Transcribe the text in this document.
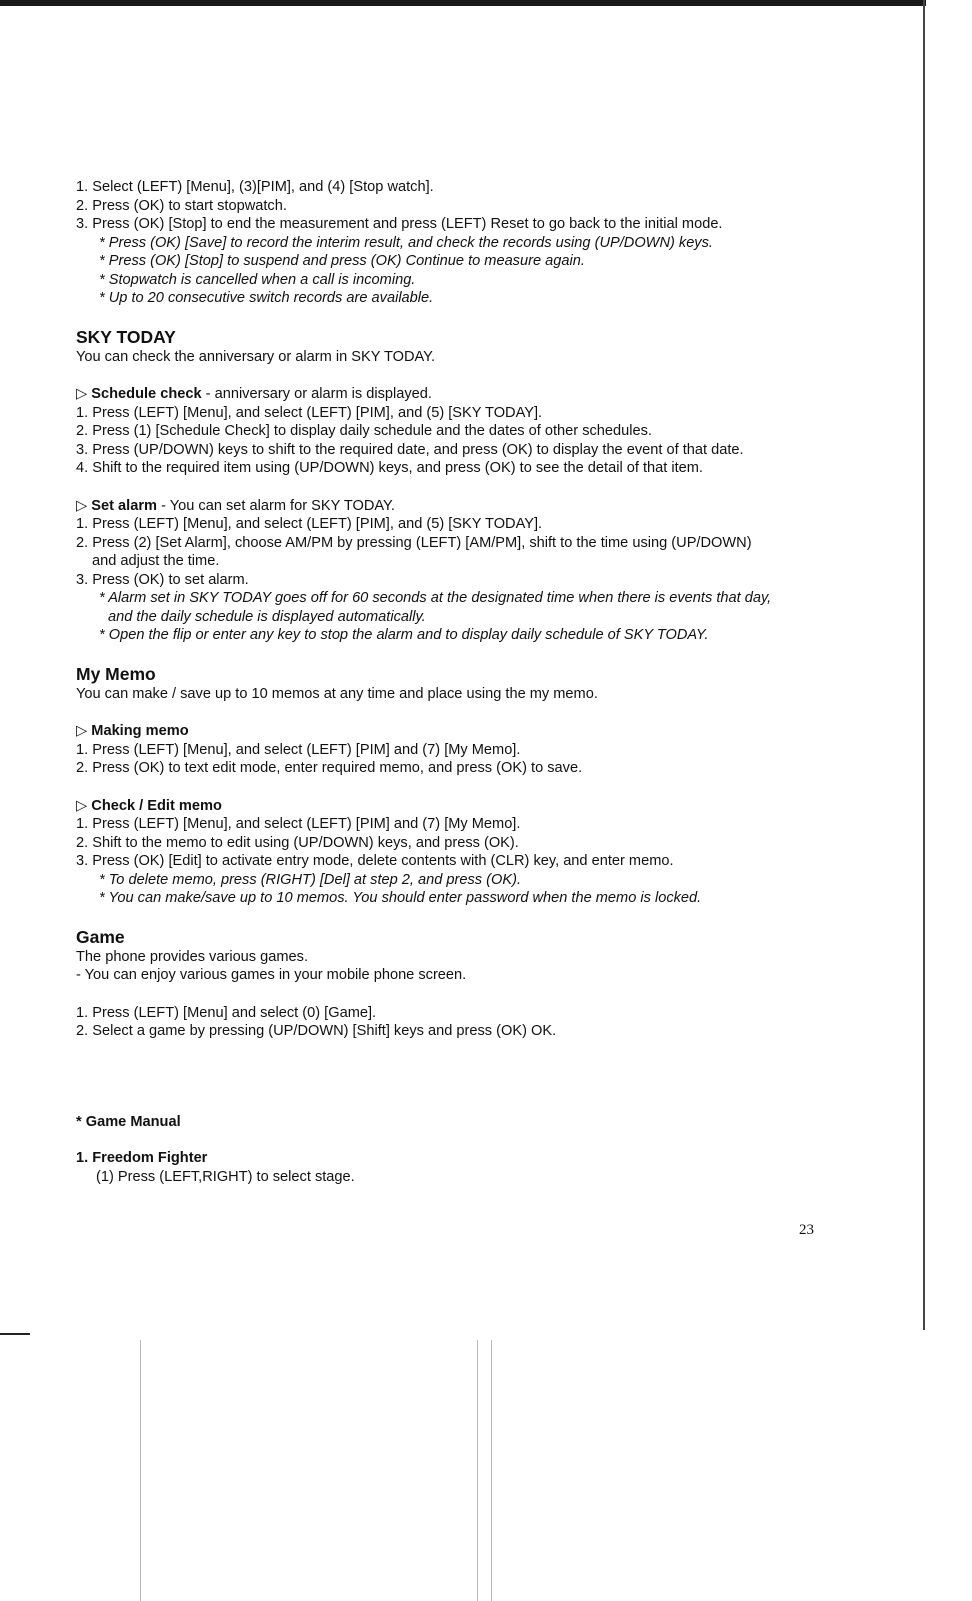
1. Select (LEFT) [Menu], (3)[PIM], and (4) [Stop watch].
2. Press (OK) to start stopwatch.
3. Press (OK) [Stop] to end the measurement and press (LEFT) Reset to go back to the initial mode.
* Press (OK) [Save] to record the interim result, and check the records using (UP/DOWN) keys.
* Press (OK) [Stop] to suspend and press (OK) Continue to measure again.
* Stopwatch is cancelled when a call is incoming.
* Up to 20 consecutive switch records are available.
SKY TODAY
You can check the anniversary or alarm in SKY TODAY.
▷ Schedule check - anniversary or alarm is displayed.
1. Press (LEFT) [Menu], and select (LEFT) [PIM], and (5) [SKY TODAY].
2. Press (1) [Schedule Check] to display daily schedule and the dates of other schedules.
3. Press (UP/DOWN) keys to shift to the required date, and press (OK) to display the event of that date.
4. Shift to the required item using (UP/DOWN) keys, and press (OK) to see the detail of that item.
▷ Set alarm - You can set alarm for SKY TODAY.
1. Press (LEFT) [Menu], and select (LEFT) [PIM], and (5) [SKY TODAY].
2. Press (2) [Set Alarm], choose AM/PM by pressing (LEFT) [AM/PM], shift to the time using (UP/DOWN)
and adjust the time.
3. Press (OK) to set alarm.
* Alarm set in SKY TODAY goes off for 60 seconds at the designated time when there is events that day,
and the daily schedule is displayed automatically.
* Open the flip or enter any key to stop the alarm and to display daily schedule of SKY TODAY.
My Memo
You can make / save up to 10 memos at any time and place using the my memo.
▷ Making memo
1. Press (LEFT) [Menu], and select (LEFT) [PIM] and (7) [My Memo].
2. Press (OK) to text edit mode, enter required memo, and press (OK) to save.
▷ Check / Edit memo
1. Press (LEFT) [Menu], and select (LEFT) [PIM] and (7) [My Memo].
2. Shift to the memo to edit using (UP/DOWN) keys, and press (OK).
3. Press (OK) [Edit] to activate entry mode, delete contents with (CLR) key, and enter memo.
* To delete memo, press (RIGHT) [Del] at step 2, and press (OK).
* You can make/save up to 10 memos. You should enter password when the memo is locked.
Game
The phone provides various games.
- You can enjoy various games in your mobile phone screen.
1. Press (LEFT) [Menu] and select (0) [Game].
2. Select a game by pressing (UP/DOWN) [Shift] keys and press (OK) OK.
* Game Manual
1. Freedom Fighter
(1) Press (LEFT,RIGHT) to select stage.
23
